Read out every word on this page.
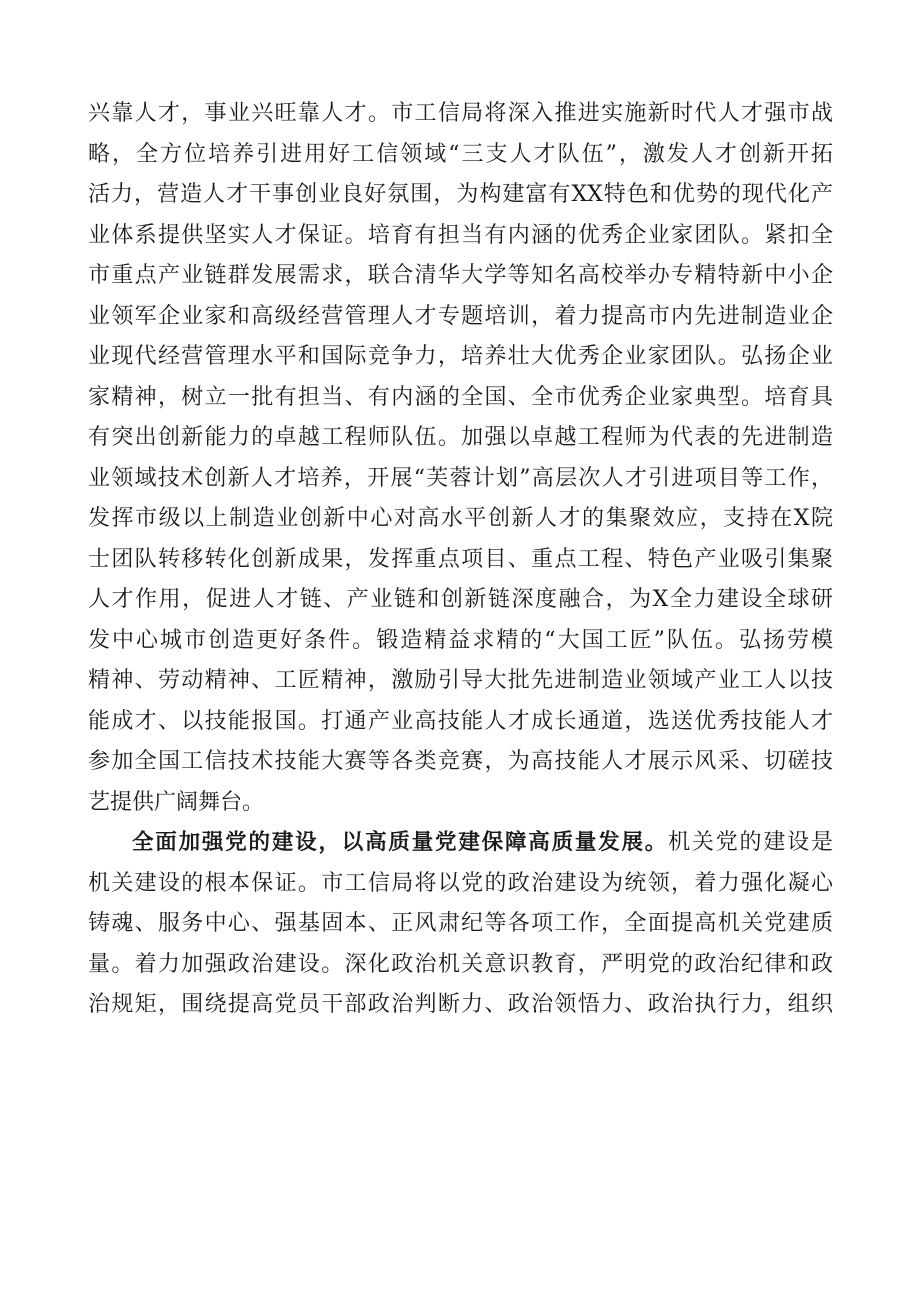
兴靠人才，事业兴旺靠人才。市工信局将深入推进实施新时代人才强市战
略，全方位培养引进用好工信领域“三支人才队伍”，激发人才创新开拓
活力，营造人才干事创业良好氛围，为构建富有XX特色和优势的现代化产
业体系提供坚实人才保证。培育有担当有内涵的优秀企业家团队。紧扣全
市重点产业链群发展需求，联合清华大学等知名高校举办专精特新中小企
业领军企业家和高级经营管理人才专题培训，着力提高市内先进制造业企
业现代经营管理水平和国际竞争力，培养壮大优秀企业家团队。弘扬企业
家精神，树立一批有担当、有内涵的全国、全市优秀企业家典型。培育具
有突出创新能力的卓越工程师队伍。加强以卓越工程师为代表的先进制造
业领域技术创新人才培养，开展“芙蓉计划”高层次人才引进项目等工作，
发挥市级以上制造业创新中心对高水平创新人才的集聚效应，支持在X院
士团队转移转化创新成果，发挥重点项目、重点工程、特色产业吸引集聚
人才作用，促进人才链、产业链和创新链深度融合，为X全力建设全球研
发中心城市创造更好条件。锻造精益求精的“大国工匠”队伍。弘扬劳模
精神、劳动精神、工匠精神，激励引导大批先进制造业领域产业工人以技
能成才、以技能报国。打通产业高技能人才成长通道，选送优秀技能人才
参加全国工信技术技能大赛等各类竞赛，为高技能人才展示风采、切磋技
艺提供广阔舞台。
全面加强党的建设，以高质量党建保障高质量发展。机关党的建设是
机关建设的根本保证。市工信局将以党的政治建设为统领，着力强化凝心
铸魂、服务中心、强基固本、正风肃纪等各项工作，全面提高机关党建质
量。着力加强政治建设。深化政治机关意识教育，严明党的政治纪律和政
治规矩，围绕提高党员干部政治判断力、政治领悟力、政治执行力，组织
